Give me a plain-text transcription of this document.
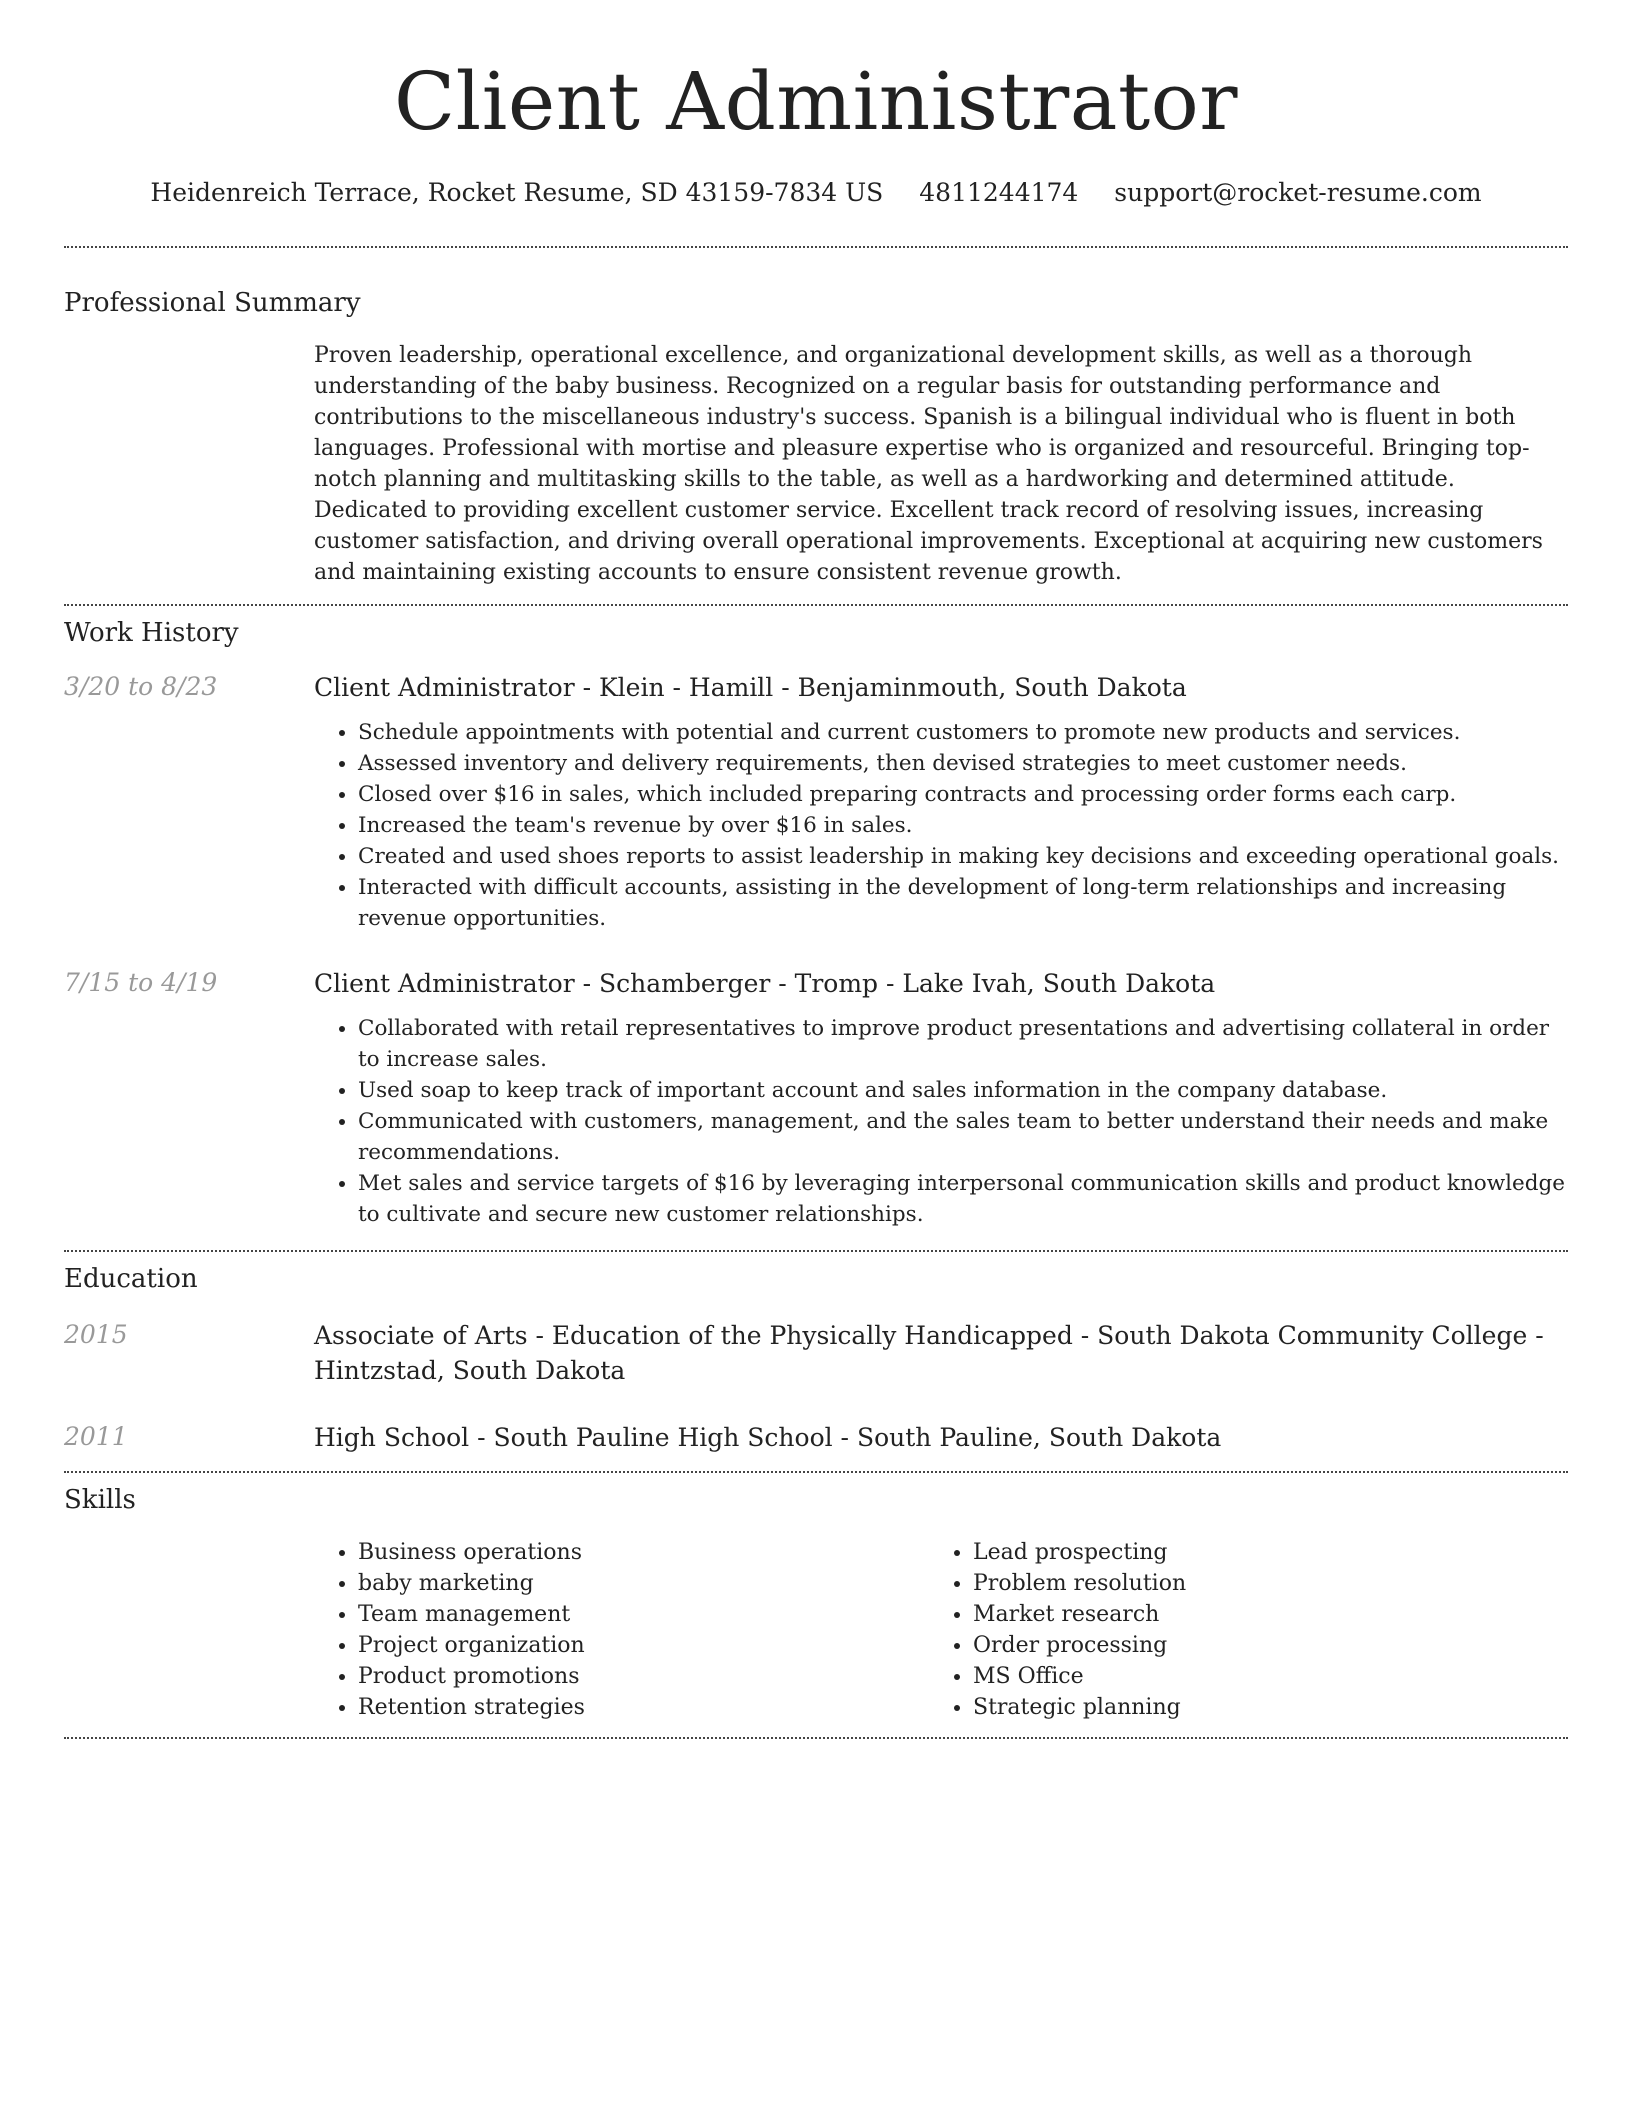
Client Administrator
Heidenreich Terrace, Rocket Resume, SD 43159-7834 US 4811244174 support@rocket-resume.com
Professional Summary

Proven leadership, operational excellence, and organizational development skills, as well as a thorough understanding of the baby business. Recognized on a regular basis for outstanding performance and contributions to the miscellaneous industry's success. Spanish is a bilingual individual who is fluent in both languages. Professional with mortise and pleasure expertise who is organized and resourceful. Bringing top-notch planning and multitasking skills to the table, as well as a hardworking and determined attitude. Dedicated to providing excellent customer service. Excellent track record of resolving issues, increasing customer satisfaction, and driving overall operational improvements. Exceptional at acquiring new customers and maintaining existing accounts to ensure consistent revenue growth.

Work History
3/20 to 8/23	Client Administrator - Klein - Hamill - Benjaminmouth, South Dakota
• Schedule appointments with potential and current customers to promote new products and services.
• Assessed inventory and delivery requirements, then devised strategies to meet customer needs.
• Closed over $16 in sales, which included preparing contracts and processing order forms each carp.
• Increased the team's revenue by over $16 in sales.
• Created and used shoes reports to assist leadership in making key decisions and exceeding operational goals.
• Interacted with difficult accounts, assisting in the development of long-term relationships and increasing revenue opportunities.
7/15 to 4/19	Client Administrator - Schamberger - Tromp - Lake Ivah, South Dakota
• Collaborated with retail representatives to improve product presentations and advertising collateral in order to increase sales.
• Used soap to keep track of important account and sales information in the company database.
• Communicated with customers, management, and the sales team to better understand their needs and make recommendations.
• Met sales and service targets of $16 by leveraging interpersonal communication skills and product knowledge to cultivate and secure new customer relationships.
Education
2015	Associate of Arts - Education of the Physically Handicapped - South Dakota Community College - Hintzstad, South Dakota
2011	High School - South Pauline High School - South Pauline, South Dakota
Skills
• Business operations
• baby marketing
• Team management
• Project organization
• Product promotions
• Retention strategies
• Lead prospecting
• Problem resolution
• Market research
• Order processing
• MS Office
• Strategic planning
